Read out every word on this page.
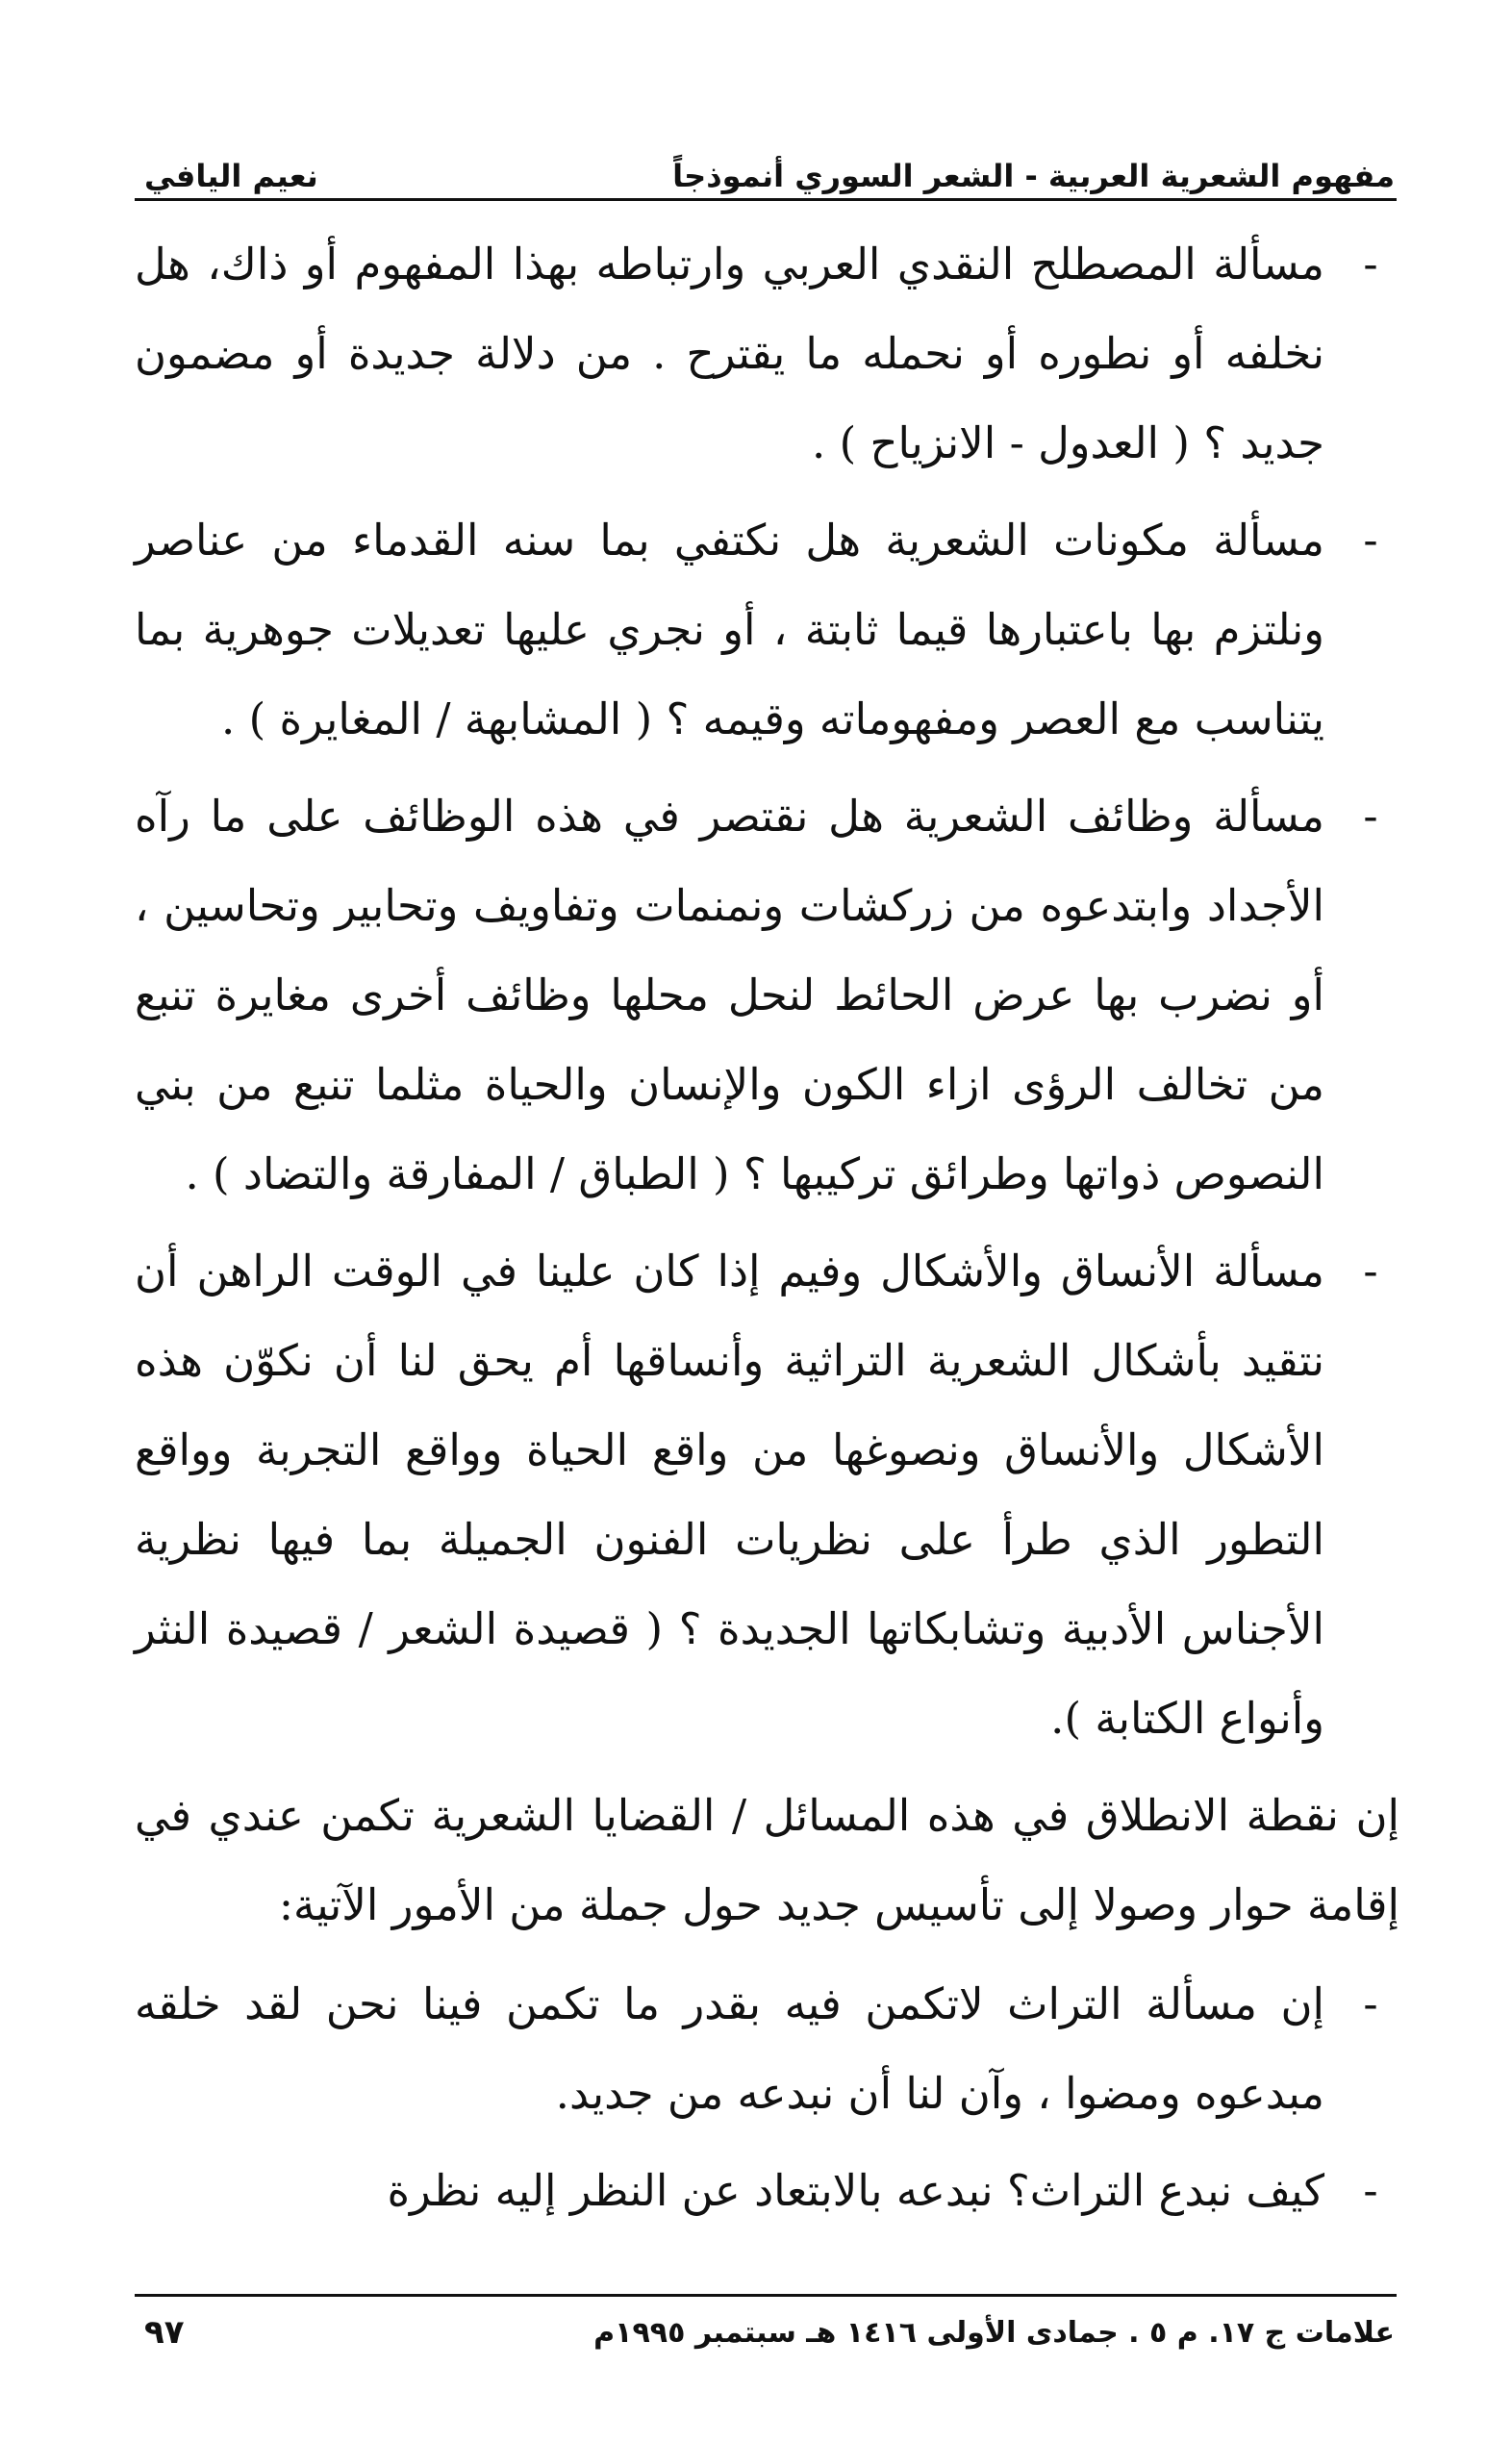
مفهوم الشعرية العربية - الشعر السوري أنموذجاً
نعيم اليافي
-
مسألة المصطلح النقدي العربي وارتباطه بهذا المفهوم أو ذاك، هل نخلفه أو نطوره أو نحمله ما يقترح . من دلالة جديدة أو مضمون جديد ؟ ( العدول - الانزياح ) .
-
مسألة مكونات الشعرية هل نكتفي بما سنه القدماء من عناصر ونلتزم بها باعتبارها قيما ثابتة ، أو نجري عليها تعديلات جوهرية بما يتناسب مع العصر ومفهوماته وقيمه ؟ ( المشابهة / المغايرة ) .
-
مسألة وظائف الشعرية هل نقتصر في هذه الوظائف على ما رآه الأجداد وابتدعوه من زركشات ونمنمات وتفاويف وتحابير وتحاسين ، أو نضرب بها عرض الحائط لنحل محلها وظائف أخرى مغايرة تنبع من تخالف الرؤى ازاء الكون والإنسان والحياة مثلما تنبع من بني النصوص ذواتها وطرائق تركيبها ؟ ( الطباق / المفارقة والتضاد ) .
-
مسألة الأنساق والأشكال وفيم إذا كان علينا في الوقت الراهن أن نتقيد بأشكال الشعرية التراثية وأنساقها أم يحق لنا أن نكوّن هذه الأشكال والأنساق ونصوغها من واقع الحياة وواقع التجربة وواقع التطور الذي طرأ على نظريات الفنون الجميلة بما فيها نظرية الأجناس الأدبية وتشابكاتها الجديدة ؟ ( قصيدة الشعر / قصيدة النثر وأنواع الكتابة ).

إن نقطة الانطلاق في هذه المسائل / القضايا الشعرية تكمن عندي في إقامة حوار وصولا إلى تأسيس جديد حول جملة من الأمور الآتية:

-
إن مسألة التراث لاتكمن فيه بقدر ما تكمن فينا نحن لقد خلقه مبدعوه ومضوا ، وآن لنا أن نبدعه من جديد.
-
كيف نبدع التراث؟ نبدعه بالابتعاد عن النظر إليه نظرة
علامات ج ١٧. م ٥ . جمادى الأولى ١٤١٦ هـ سبتمبر ١٩٩٥م
٩٧
